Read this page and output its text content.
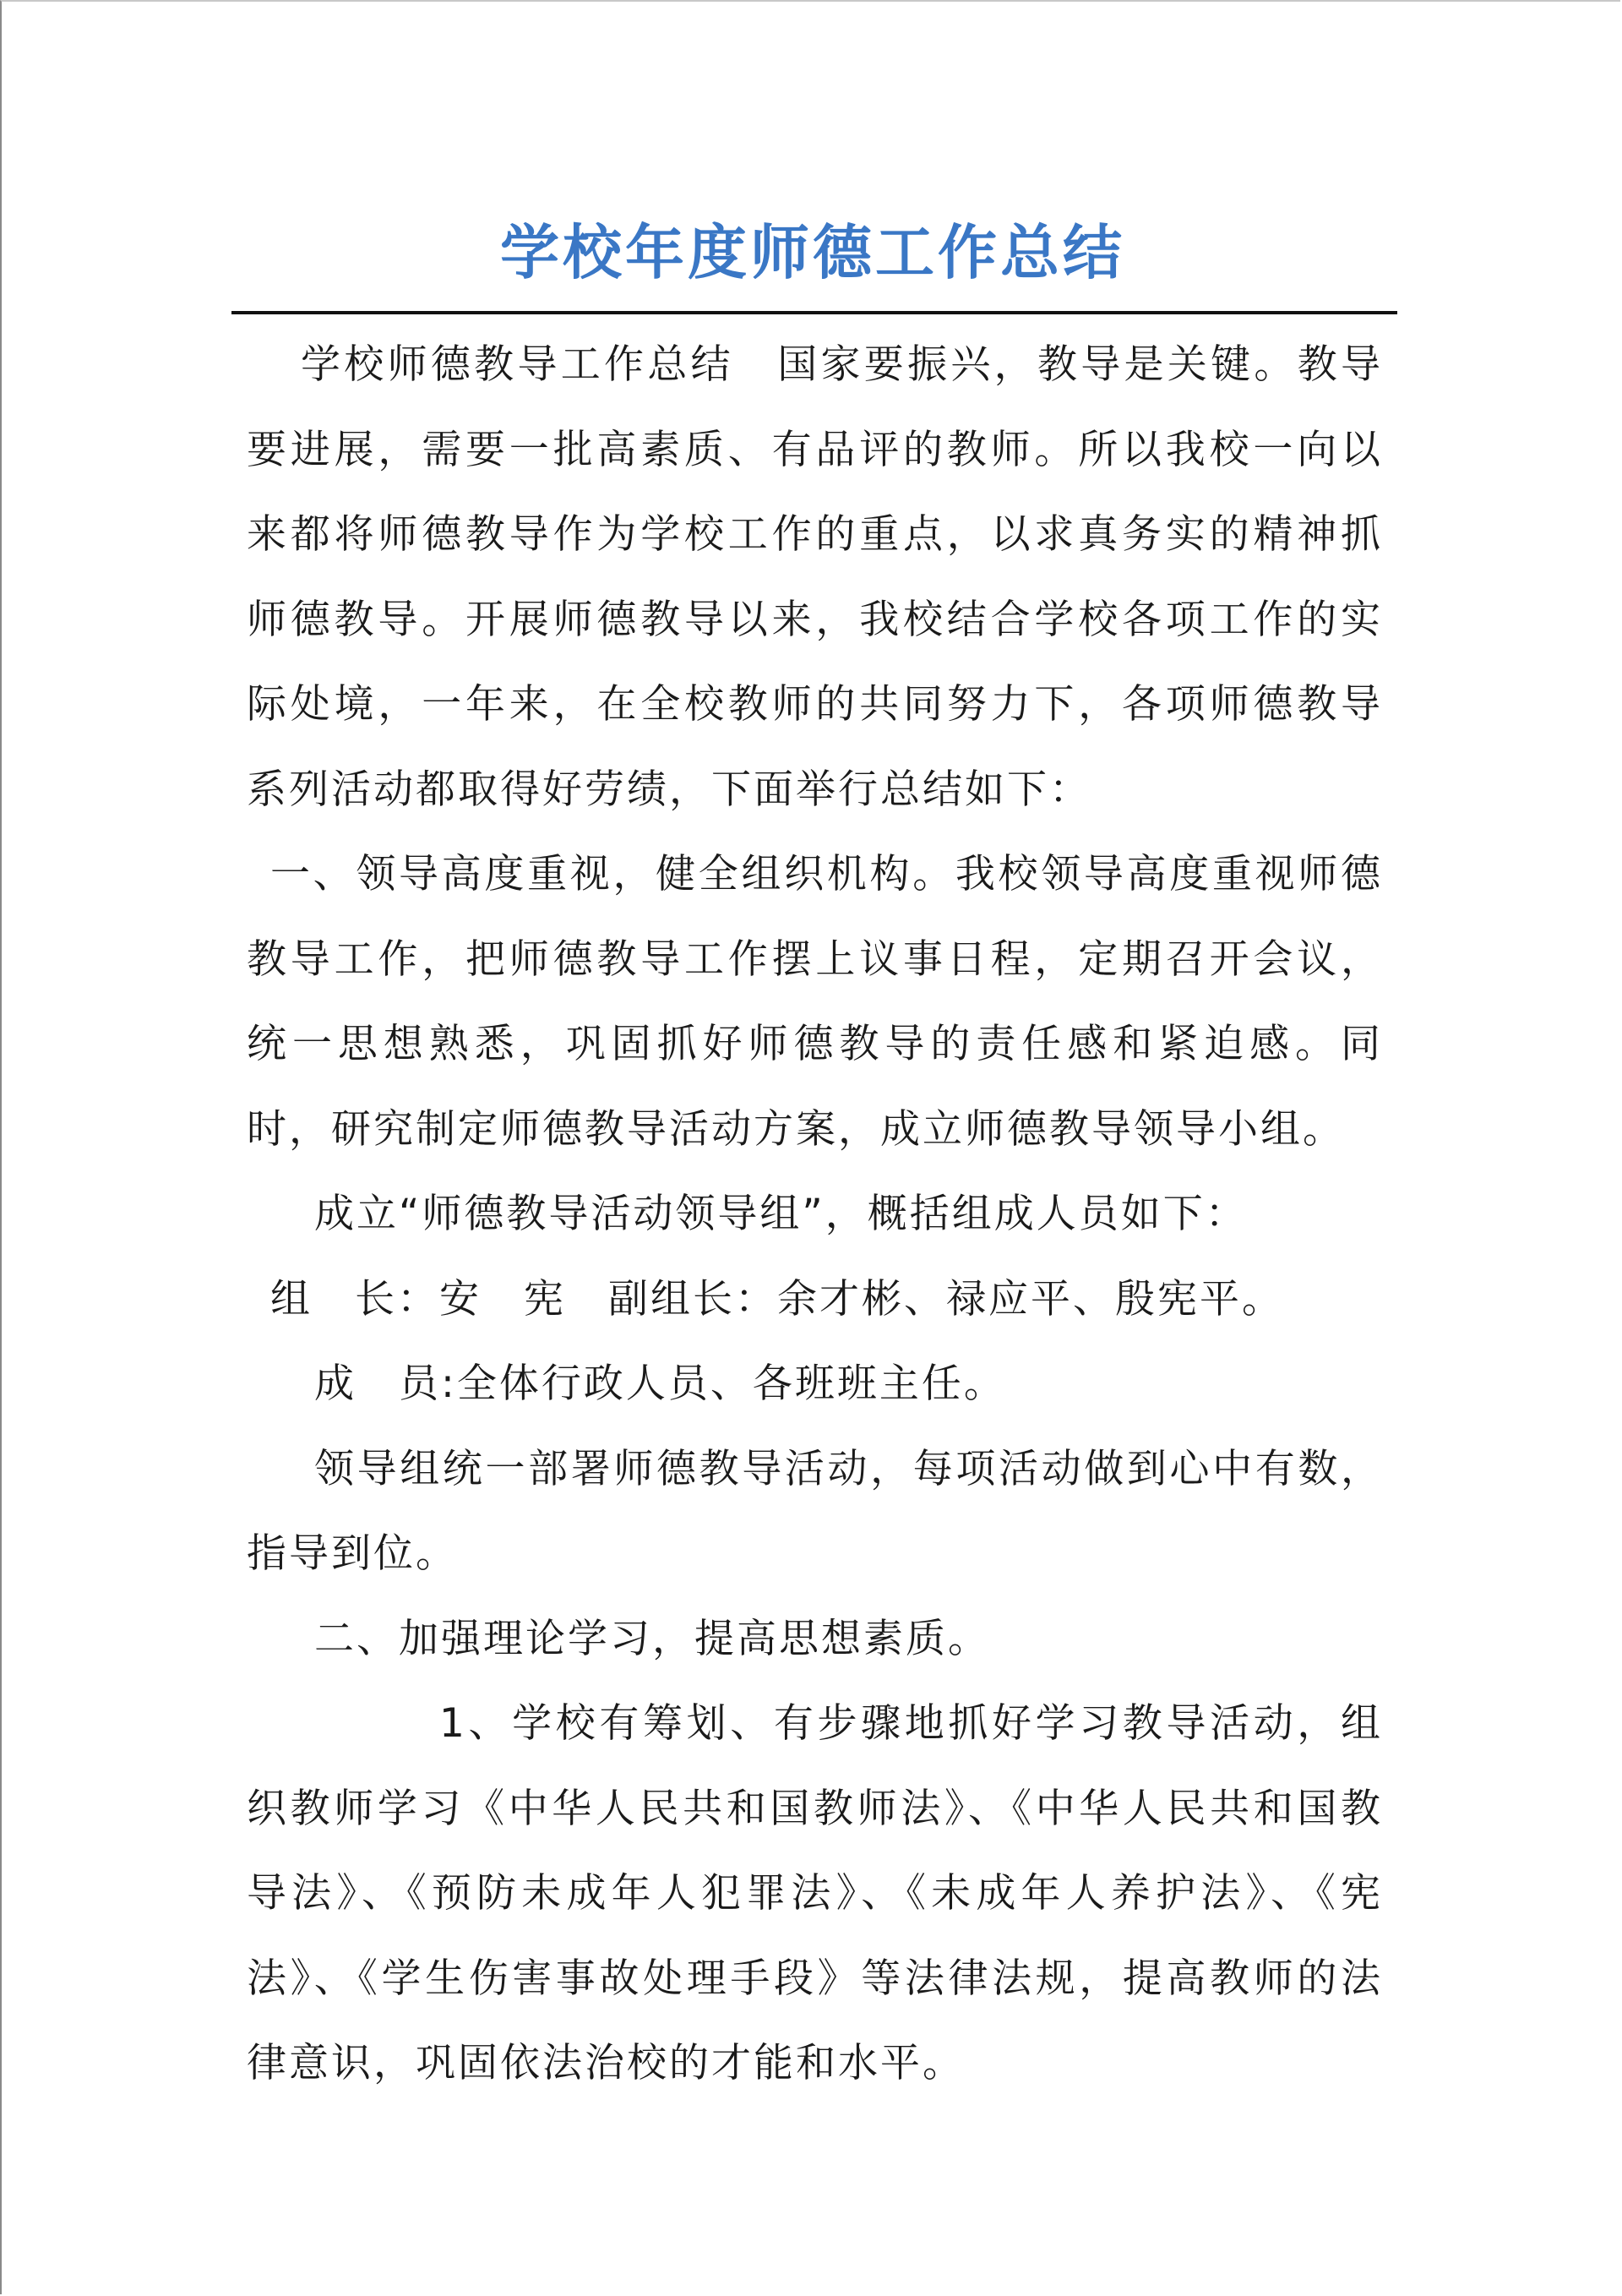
学校年度师德工作总结

学校师德教导工作总结　国家要振兴，教导是关键。教导要进展，需要一批高素质、有品评的教师。所以我校一向以来都将师德教导作为学校工作的重点，以求真务实的精神抓师德教导。开展师德教导以来，我校结合学校各项工作的实际处境，一年来，在全校教师的共同努力下，各项师德教导系列活动都取得好劳绩，下面举行总结如下：

一、领导高度重视，健全组织机构。我校领导高度重视师德教导工作，把师德教导工作摆上议事日程，定期召开会议，统一思想熟悉，巩固抓好师德教导的责任感和紧迫感。同时，研究制定师德教导活动方案，成立师德教导领导小组。

成立“师德教导活动领导组”，概括组成人员如下：

组　长： 安　宪 副组长： 余才彬、禄应平、殷宪平。
成　员: 全体行政人员、各班班主任。

领导组统一部署师德教导活动，每项活动做到心中有数，指导到位。

二、加强理论学习，提高思想素质。

1、学校有筹划、有步骤地抓好学习教导活动，组织教师学习《中华人民共和国教师法》、《中华人民共和国教导法》、《预防未成年人犯罪法》、《未成年人养护法》、《宪法》、《学生伤害事故处理手段》等法律法规，提高教师的法律意识，巩固依法治校的才能和水平。
